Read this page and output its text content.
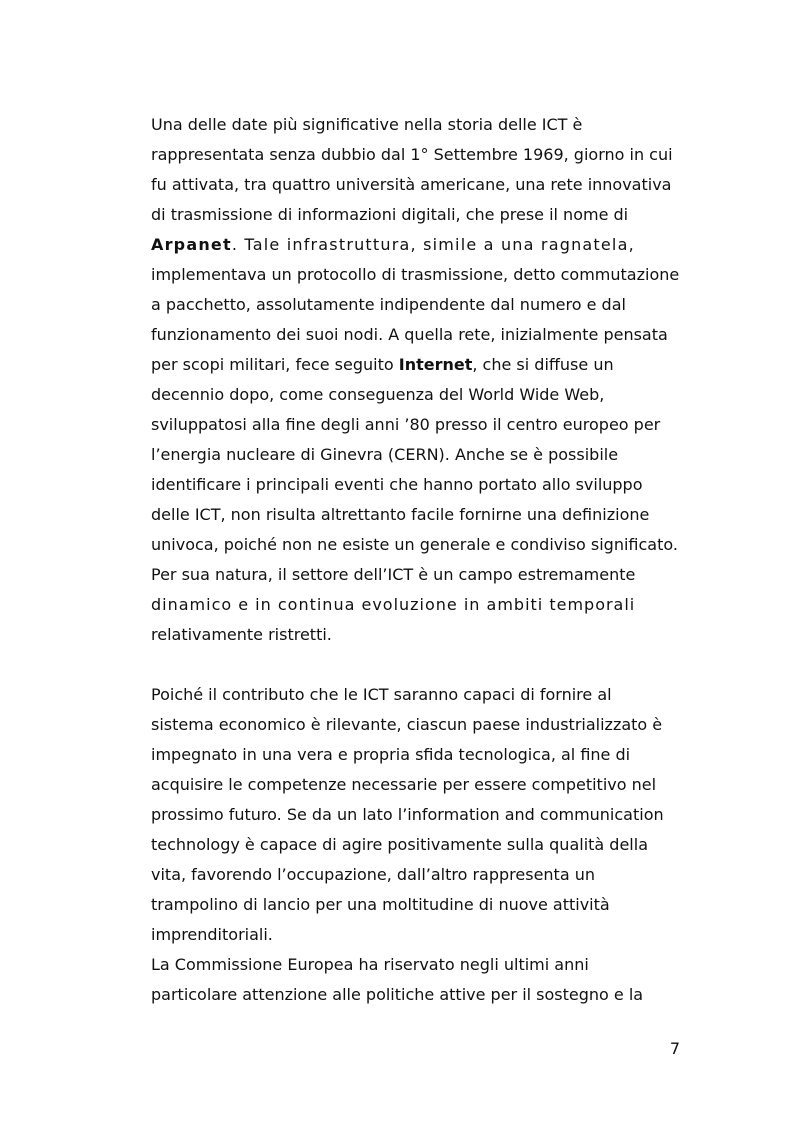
Una delle date più significative nella storia delle ICT è
rappresentata senza dubbio dal 1° Settembre 1969, giorno in cui
fu attivata, tra quattro università americane, una rete innovativa
di trasmissione di informazioni digitali, che prese il nome di
Arpanet. Tale infrastruttura, simile a una ragnatela,
implementava un protocollo di trasmissione, detto commutazione
a pacchetto, assolutamente indipendente dal numero e dal
funzionamento dei suoi nodi. A quella rete, inizialmente pensata
per scopi militari, fece seguito Internet, che si diffuse un
decennio dopo, come conseguenza del World Wide Web,
sviluppatosi alla fine degli anni ’80 presso il centro europeo per
l’energia nucleare di Ginevra (CERN). Anche se è possibile
identificare i principali eventi che hanno portato allo sviluppo
delle ICT, non risulta altrettanto facile fornirne una definizione
univoca, poiché non ne esiste un generale e condiviso significato.
Per sua natura, il settore dell’ICT è un campo estremamente
dinamico e in continua evoluzione in ambiti temporali
relativamente ristretti.
Poiché il contributo che le ICT saranno capaci di fornire al
sistema economico è rilevante, ciascun paese industrializzato è
impegnato in una vera e propria sfida tecnologica, al fine di
acquisire le competenze necessarie per essere competitivo nel
prossimo futuro. Se da un lato l’information and communication
technology è capace di agire positivamente sulla qualità della
vita, favorendo l’occupazione, dall’altro rappresenta un
trampolino di lancio per una moltitudine di nuove attività
imprenditoriali.
La Commissione Europea ha riservato negli ultimi anni
particolare attenzione alle politiche attive per il sostegno e la
7
